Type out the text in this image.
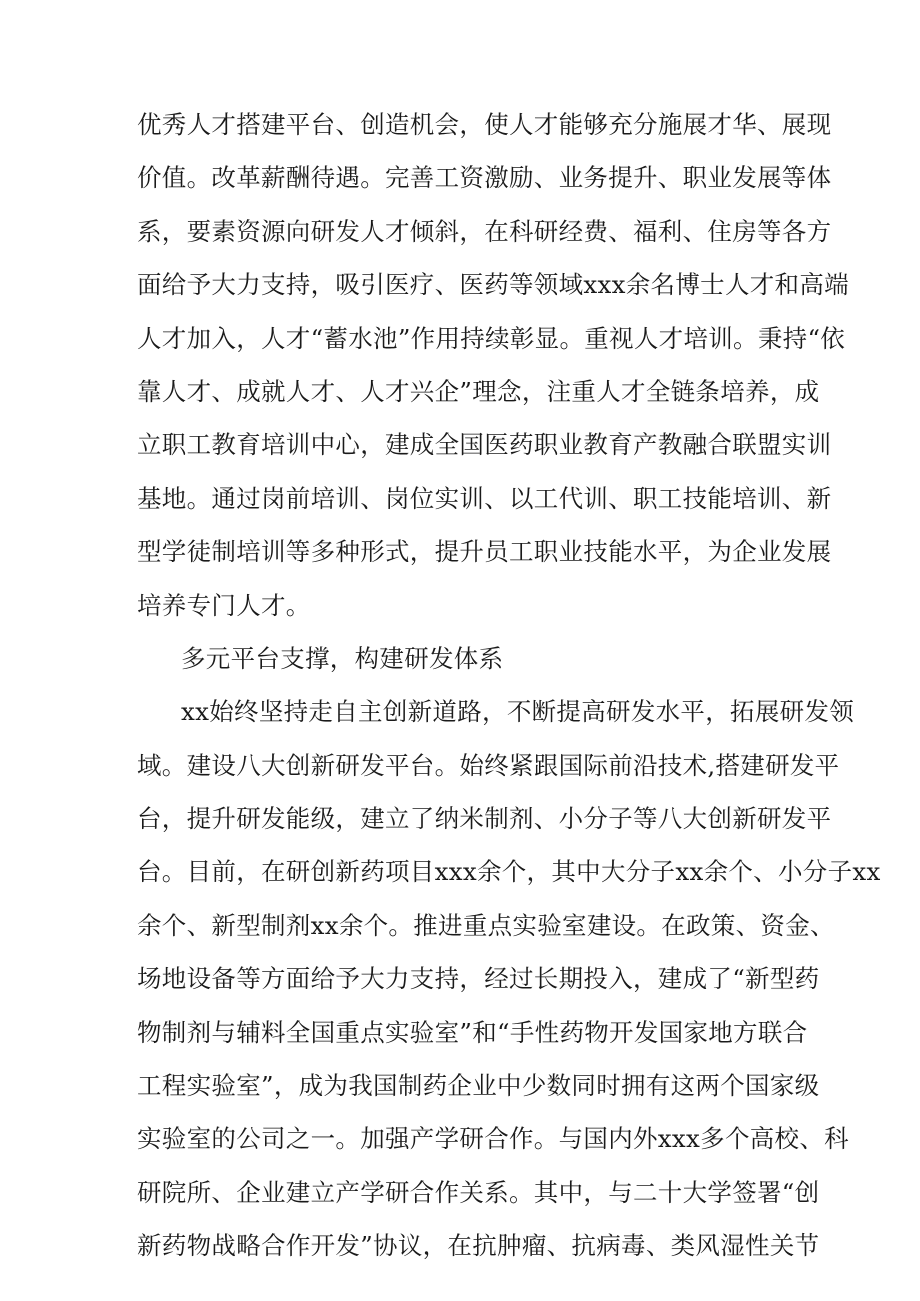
优秀人才搭建平台、创造机会，使人才能够充分施展才华、展现
价值。改革薪酬待遇。完善工资激励、业务提升、职业发展等体
系，要素资源向研发人才倾斜，在科研经费、福利、住房等各方
面给予大力支持，吸引医疗、医药等领域xxx余名博士人才和高端
人才加入，人才“蓄水池”作用持续彰显。重视人才培训。秉持“依
靠人才、成就人才、人才兴企”理念，注重人才全链条培养，成
立职工教育培训中心，建成全国医药职业教育产教融合联盟实训
基地。通过岗前培训、岗位实训、以工代训、职工技能培训、新
型学徒制培训等多种形式，提升员工职业技能水平，为企业发展
培养专门人才。
多元平台支撑，构建研发体系
xx始终坚持走自主创新道路，不断提高研发水平，拓展研发领
域。建设八大创新研发平台。始终紧跟国际前沿技术,搭建研发平
台，提升研发能级，建立了纳米制剂、小分子等八大创新研发平
台。目前，在研创新药项目xxx余个，其中大分子xx余个、小分子xx
余个、新型制剂xx余个。推进重点实验室建设。在政策、资金、
场地设备等方面给予大力支持，经过长期投入，建成了“新型药
物制剂与辅料全国重点实验室”和“手性药物开发国家地方联合
工程实验室”，成为我国制药企业中少数同时拥有这两个国家级
实验室的公司之一。加强产学研合作。与国内外xxx多个高校、科
研院所、企业建立产学研合作关系。其中，与二十大学签署“创
新药物战略合作开发”协议，在抗肿瘤、抗病毒、类风湿性关节
